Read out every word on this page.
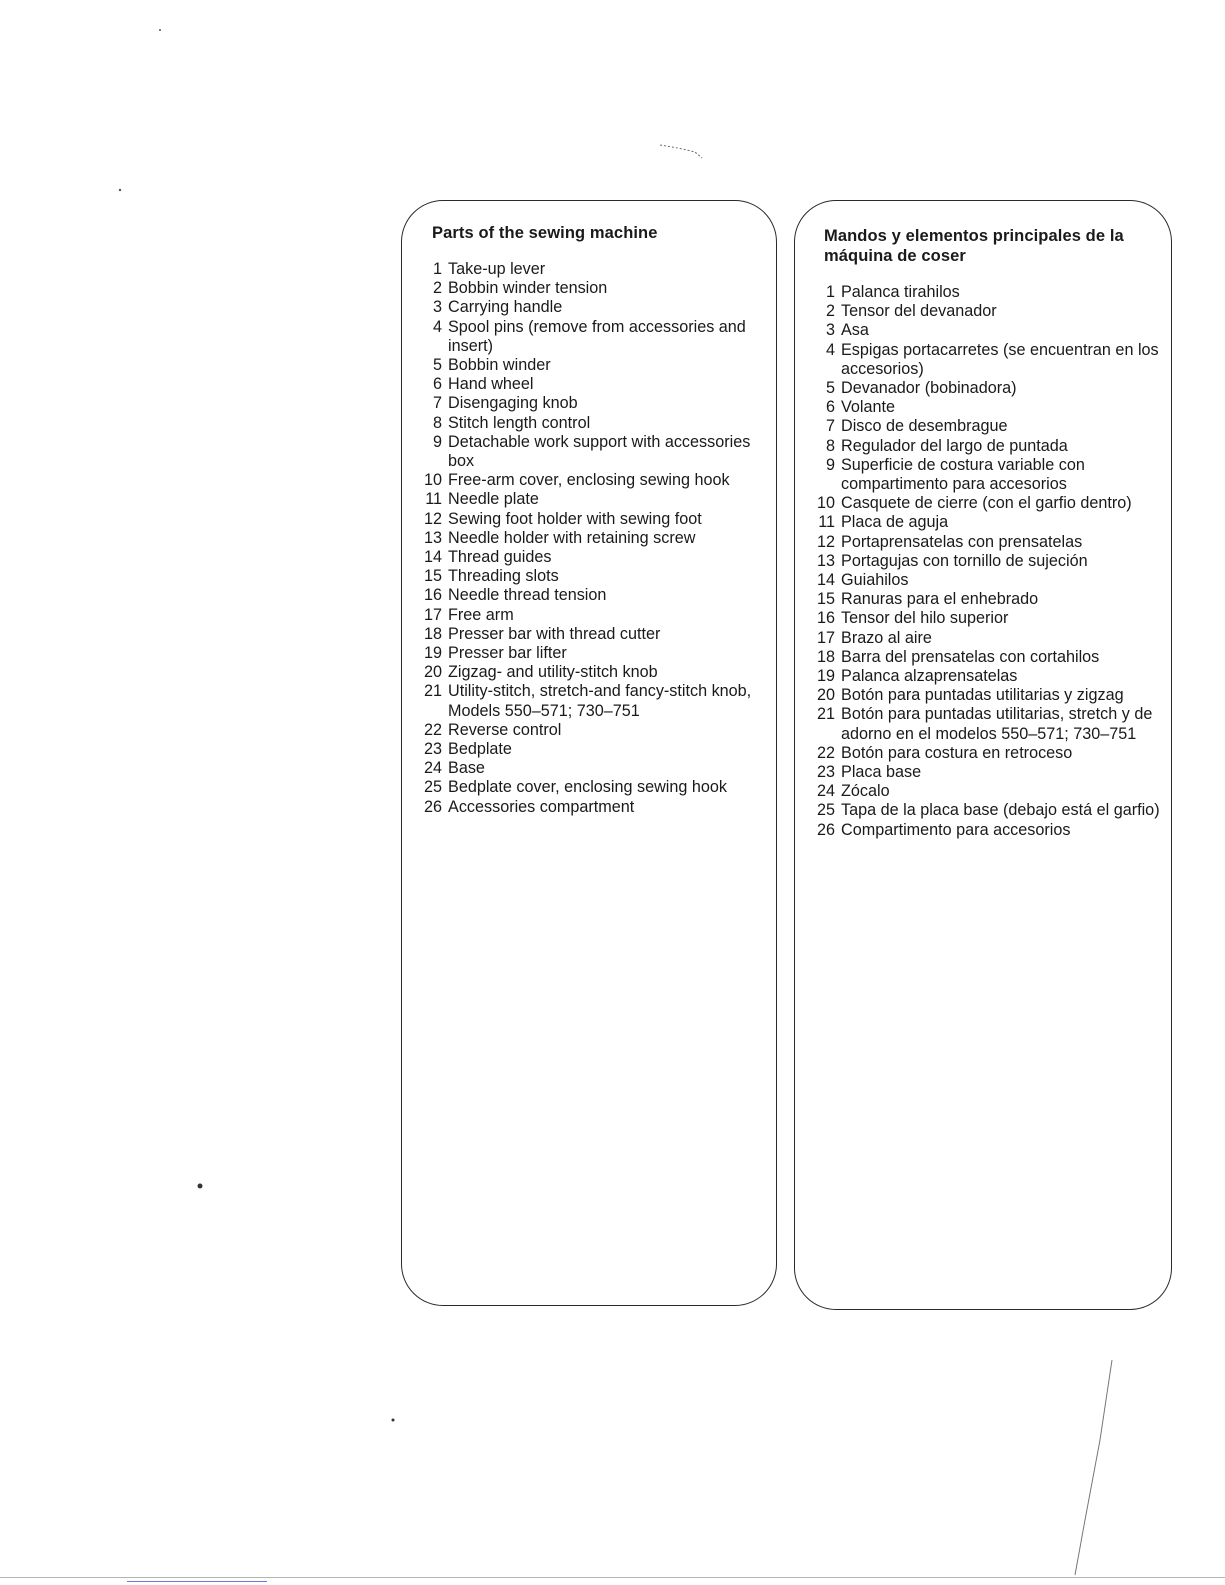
Parts of the sewing machine
1 Take-up lever
2 Bobbin winder tension
3 Carrying handle
4 Spool pins (remove from accessories and insert)
5 Bobbin winder
6 Hand wheel
7 Disengaging knob
8 Stitch length control
9 Detachable work support with accessories box
10 Free-arm cover, enclosing sewing hook
11 Needle plate
12 Sewing foot holder with sewing foot
13 Needle holder with retaining screw
14 Thread guides
15 Threading slots
16 Needle thread tension
17 Free arm
18 Presser bar with thread cutter
19 Presser bar lifter
20 Zigzag- and utility-stitch knob
21 Utility-stitch, stretch-and fancy-stitch knob, Models 550–571; 730–751
22 Reverse control
23 Bedplate
24 Base
25 Bedplate cover, enclosing sewing hook
26 Accessories compartment
Mandos y elementos principales de la máquina de coser
1 Palanca tirahilos
2 Tensor del devanador
3 Asa
4 Espigas portacarretes (se encuentran en los accesorios)
5 Devanador (bobinadora)
6 Volante
7 Disco de desembrague
8 Regulador del largo de puntada
9 Superficie de costura variable con compartimento para accesorios
10 Casquete de cierre (con el garfio dentro)
11 Placa de aguja
12 Portaprensatelas con prensatelas
13 Portagujas con tornillo de sujeción
14 Guiahilos
15 Ranuras para el enhebrado
16 Tensor del hilo superior
17 Brazo al aire
18 Barra del prensatelas con cortahilos
19 Palanca alzaprensatelas
20 Botón para puntadas utilitarias y zigzag
21 Botón para puntadas utilitarias, stretch y de adorno en el modelos 550–571; 730–751
22 Botón para costura en retroceso
23 Placa base
24 Zócalo
25 Tapa de la placa base (debajo está el garfio)
26 Compartimento para accesorios
